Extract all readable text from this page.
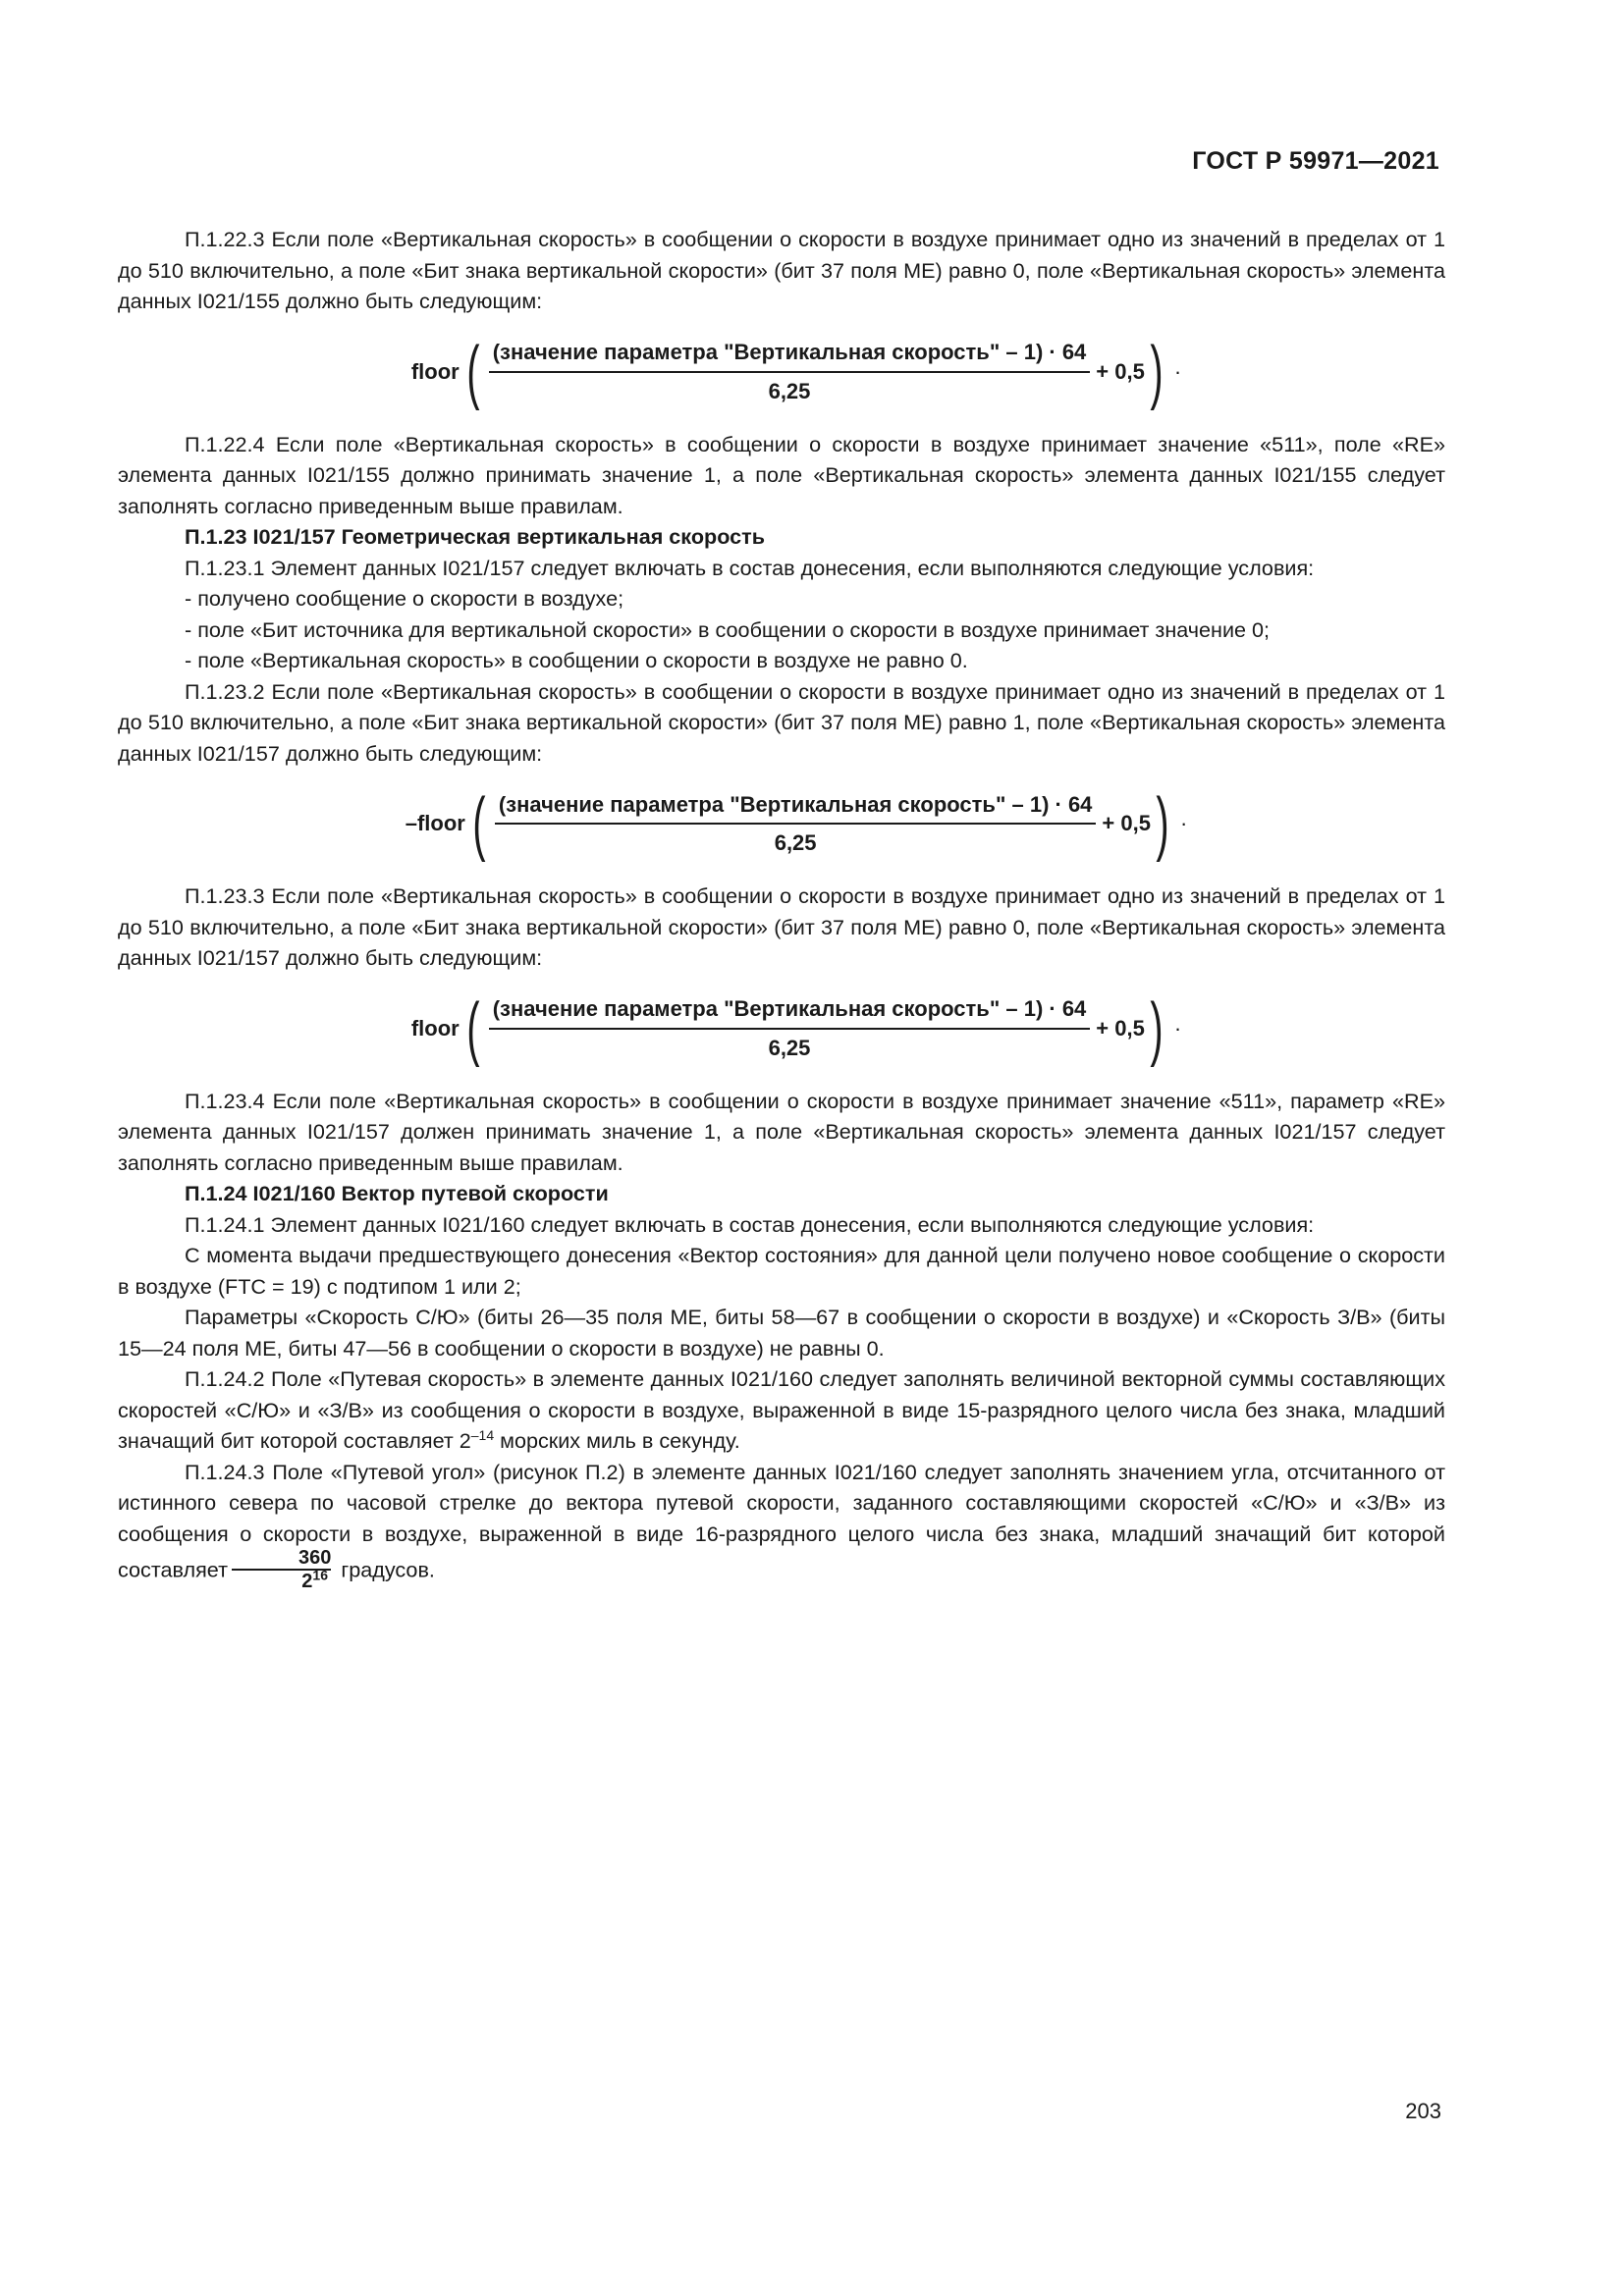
ГОСТ Р 59971—2021

П.1.22.3 Если поле «Вертикальная скорость» в сообщении о скорости в воздухе принимает одно из значений в пределах от 1 до 510 включительно, а поле «Бит знака вертикальной скорости» (бит 37 поля ME) равно 0, поле «Вертикальная скорость» элемента данных I021/155 должно быть следующим:

floor ( $\frac{\text{(значение параметра "Вертикальная скорость" – 1) · 64}}{6,25} + 0,5$ ) ·

П.1.22.4 Если поле «Вертикальная скорость» в сообщении о скорости в воздухе принимает значение «511», поле «RE» элемента данных I021/155 должно принимать значение 1, а поле «Вертикальная скорость» элемента данных I021/155 следует заполнять согласно приведенным выше правилам.

П.1.23 I021/157 Геометрическая вертикальная скорость

П.1.23.1 Элемент данных I021/157 следует включать в состав донесения, если выполняются следующие условия:

- получено сообщение о скорости в воздухе;

- поле «Бит источника для вертикальной скорости» в сообщении о скорости в воздухе принимает значение 0;

- поле «Вертикальная скорость» в сообщении о скорости в воздухе не равно 0.

П.1.23.2 Если поле «Вертикальная скорость» в сообщении о скорости в воздухе принимает одно из значений в пределах от 1 до 510 включительно, а поле «Бит знака вертикальной скорости» (бит 37 поля ME) равно 1, поле «Вертикальная скорость» элемента данных I021/157 должно быть следующим:

–floor ( $\frac{\text{(значение параметра "Вертикальная скорость" – 1) · 64}}{6,25} + 0,5$ ) ·

П.1.23.3 Если поле «Вертикальная скорость» в сообщении о скорости в воздухе принимает одно из значений в пределах от 1 до 510 включительно, а поле «Бит знака вертикальной скорости» (бит 37 поля ME) равно 0, поле «Вертикальная скорость» элемента данных I021/157 должно быть следующим:

floor ( $\frac{\text{(значение параметра "Вертикальная скорость" – 1) · 64}}{6,25} + 0,5$ ) ·

П.1.23.4 Если поле «Вертикальная скорость» в сообщении о скорости в воздухе принимает значение «511», параметр «RE» элемента данных I021/157 должен принимать значение 1, а поле «Вертикальная скорость» элемента данных I021/157 следует заполнять согласно приведенным выше правилам.

П.1.24 I021/160 Вектор путевой скорости

П.1.24.1 Элемент данных I021/160 следует включать в состав донесения, если выполняются следующие условия:

С момента выдачи предшествующего донесения «Вектор состояния» для данной цели получено новое сообщение о скорости в воздухе (FTC = 19) с подтипом 1 или 2;

Параметры «Скорость С/Ю» (биты 26—35 поля ME, биты 58—67 в сообщении о скорости в воздухе) и «Скорость З/В» (биты 15—24 поля ME, биты 47—56 в сообщении о скорости в воздухе) не равны 0.

П.1.24.2 Поле «Путевая скорость» в элементе данных I021/160 следует заполнять величиной векторной суммы составляющих скоростей «С/Ю» и «З/В» из сообщения о скорости в воздухе, выраженной в виде 15-разрядного целого числа без знака, младший значащий бит которой составляет $2^{-14}$ морских миль в секунду.

П.1.24.3 Поле «Путевой угол» (рисунок П.2) в элементе данных I021/160 следует заполнять значением угла, отсчитанного от истинного севера по часовой стрелке до вектора путевой скорости, заданного составляющими скоростей «С/Ю» и «З/В» из сообщения о скорости в воздухе, выраженной в виде 16-разрядного целого числа без знака, младший значащий бит которой составляет $\frac{360}{2^{16}}$ градусов.

203
